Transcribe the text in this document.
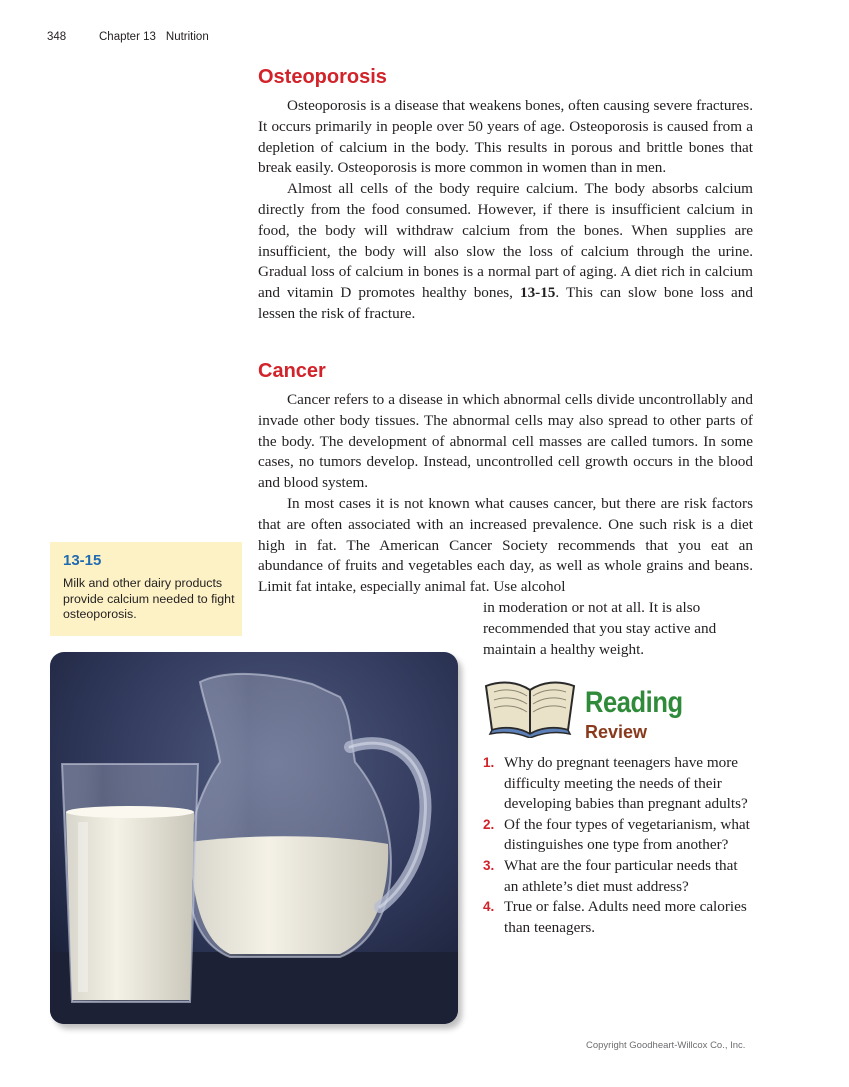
348	Chapter 13 Nutrition
Osteoporosis

Osteoporosis is a disease that weakens bones, often causing severe fractures. It occurs primarily in people over 50 years of age. Osteoporosis is caused from a depletion of calcium in the body. This results in porous and brittle bones that break easily. Osteoporosis is more common in women than in men.

Almost all cells of the body require calcium. The body absorbs calcium directly from the food consumed. However, if there is insufficient calcium in food, the body will withdraw calcium from the bones. When supplies are insufficient, the body will also slow the loss of calcium through the urine. Gradual loss of calcium in bones is a normal part of aging. A diet rich in calcium and vitamin D promotes healthy bones, 13-15. This can slow bone loss and lessen the risk of fracture.

Cancer

Cancer refers to a disease in which abnormal cells divide uncontrollably and invade other body tissues. The abnormal cells may also spread to other parts of the body. The development of abnormal cell masses are called tumors. In some cases, no tumors develop. Instead, uncontrolled cell growth occurs in the blood and blood system.

In most cases it is not known what causes cancer, but there are risk factors that are often associated with an increased prevalence. One such risk is a diet high in fat. The American Cancer Society recommends that you eat an abundance of fruits and vegetables each day, as well as whole grains and beans. Limit fat intake, especially animal fat. Use alcohol

in moderation or not at all. It is also recommended that you stay active and maintain a healthy weight.
13-15
Milk and other dairy products provide calcium needed to fight osteoporosis.
Reading
Review
1. Why do pregnant teenagers have more difficulty meeting the needs of their developing babies than pregnant adults?
2. Of the four types of vegetarianism, what distinguishes one type from another?
3. What are the four particular needs that an athlete’s diet must address?
4. True or false. Adults need more calories than teenagers.
Copyright Goodheart-Willcox Co., Inc.
